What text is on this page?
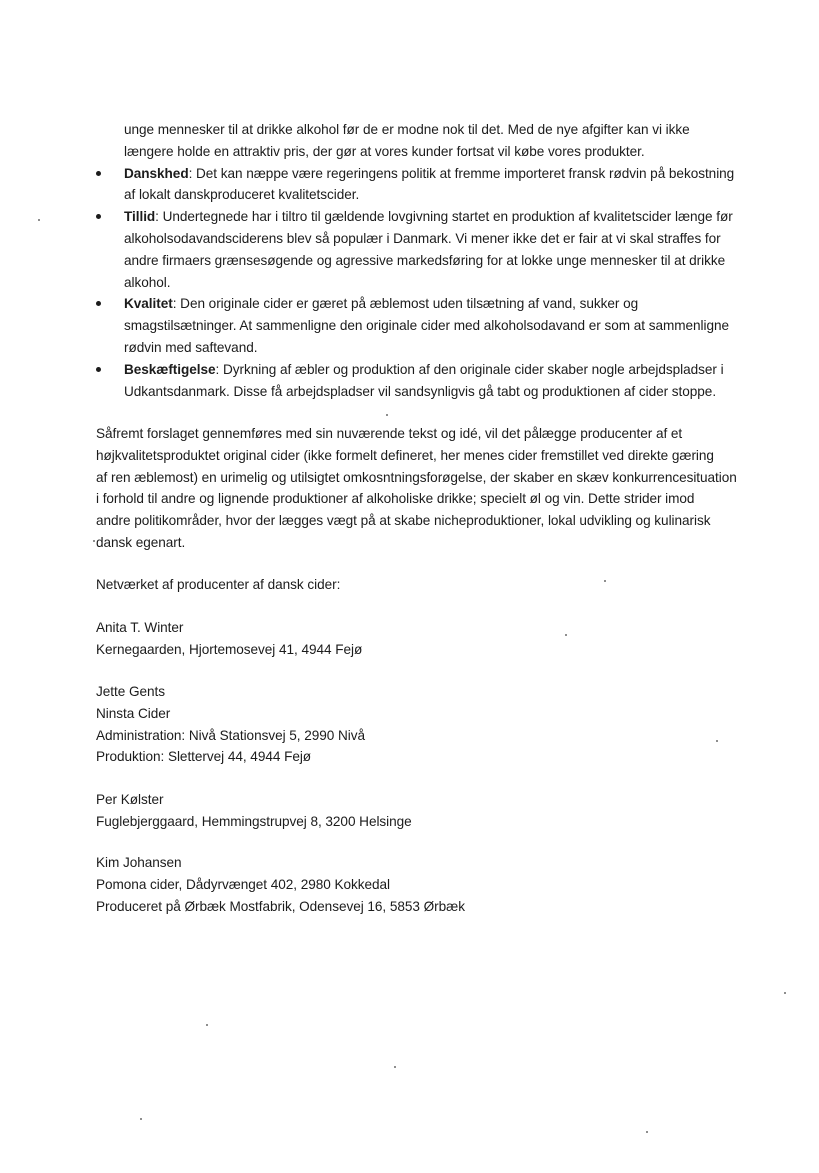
unge mennesker til at drikke alkohol før de er modne nok til det. Med de nye afgifter kan vi ikke
længere holde en attraktiv pris, der gør at vores kunder fortsat vil købe vores produkter.
Danskhed: Det kan næppe være regeringens politik at fremme importeret fransk rødvin på bekostning
af lokalt danskproduceret kvalitetscider.
Tillid: Undertegnede har i tiltro til gældende lovgivning startet en produktion af kvalitetscider længe før
alkoholsodavandsciderens blev så populær i Danmark. Vi mener ikke det er fair at vi skal straffes for
andre firmaers grænsesøgende og agressive markedsføring for at lokke unge mennesker til at drikke
alkohol.
Kvalitet: Den originale cider er gæret på æblemost uden tilsætning af vand, sukker og
smagstilsætninger. At sammenligne den originale cider med alkoholsodavand er som at sammenligne
rødvin med saftevand.
Beskæftigelse: Dyrkning af æbler og produktion af den originale cider skaber nogle arbejdspladser i
Udkantsdanmark. Disse få arbejdspladser vil sandsynligvis gå tabt og produktionen af cider stoppe.
Såfremt forslaget gennemføres med sin nuværende tekst og idé, vil det pålægge producenter af et
højkvalitetsproduktet original cider (ikke formelt defineret, her menes cider fremstillet ved direkte gæring
af ren æblemost) en urimelig og utilsigtet omkosntningsforøgelse, der skaber en skæv konkurrencesituation
i forhold til andre og lignende produktioner af alkoholiske drikke; specielt øl og vin. Dette strider imod
andre politikområder, hvor der lægges vægt på at skabe nicheproduktioner, lokal udvikling og kulinarisk
dansk egenart.
Netværket af producenter af dansk cider:
Anita T. Winter
Kernegaarden, Hjortemosevej 41, 4944 Fejø
Jette Gents
Ninsta Cider
Administration: Nivå Stationsvej 5, 2990 Nivå
Produktion: Slettervej 44, 4944 Fejø
Per Kølster
Fuglebjerggaard, Hemmingstrupvej 8, 3200 Helsinge
Kim Johansen
Pomona cider, Dådyrvænget 402, 2980 Kokkedal
Produceret på Ørbæk Mostfabrik, Odensevej 16, 5853 Ørbæk
